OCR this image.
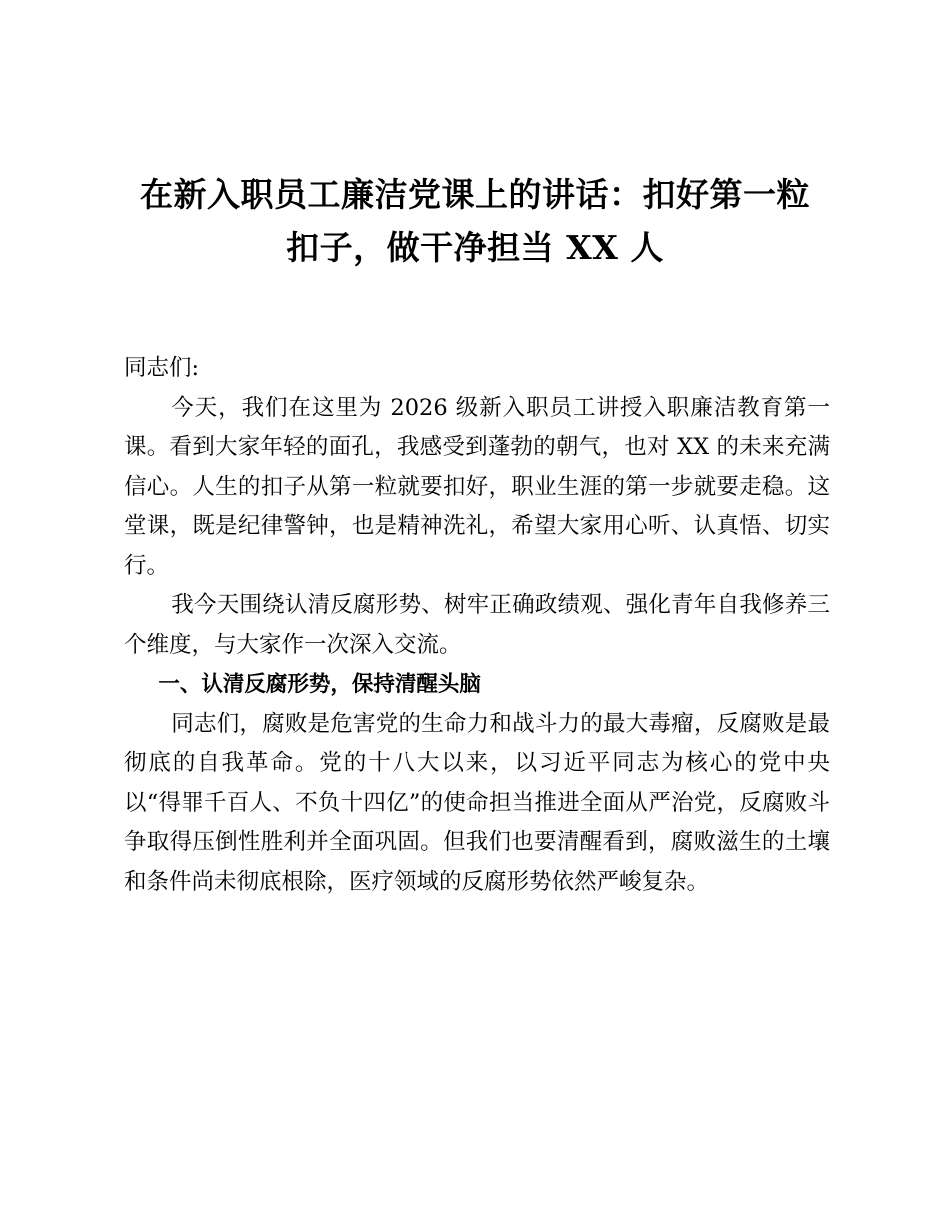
在新入职员工廉洁党课上的讲话：扣好第一粒
扣子，做干净担当 XX 人

同志们:

今天，我们在这里为 2026 级新入职员工讲授入职廉洁教育第一课。看到大家年轻的面孔，我感受到蓬勃的朝气，也对 XX 的未来充满信心。人生的扣子从第一粒就要扣好，职业生涯的第一步就要走稳。这堂课，既是纪律警钟，也是精神洗礼，希望大家用心听、认真悟、切实行。

我今天围绕认清反腐形势、树牢正确政绩观、强化青年自我修养三个维度，与大家作一次深入交流。

一、认清反腐形势，保持清醒头脑

同志们，腐败是危害党的生命力和战斗力的最大毒瘤，反腐败是最彻底的自我革命。党的十八大以来，以习近平同志为核心的党中央以“得罪千百人、不负十四亿”的使命担当推进全面从严治党，反腐败斗争取得压倒性胜利并全面巩固。但我们也要清醒看到，腐败滋生的土壤和条件尚未彻底根除，医疗领域的反腐形势依然严峻复杂。
